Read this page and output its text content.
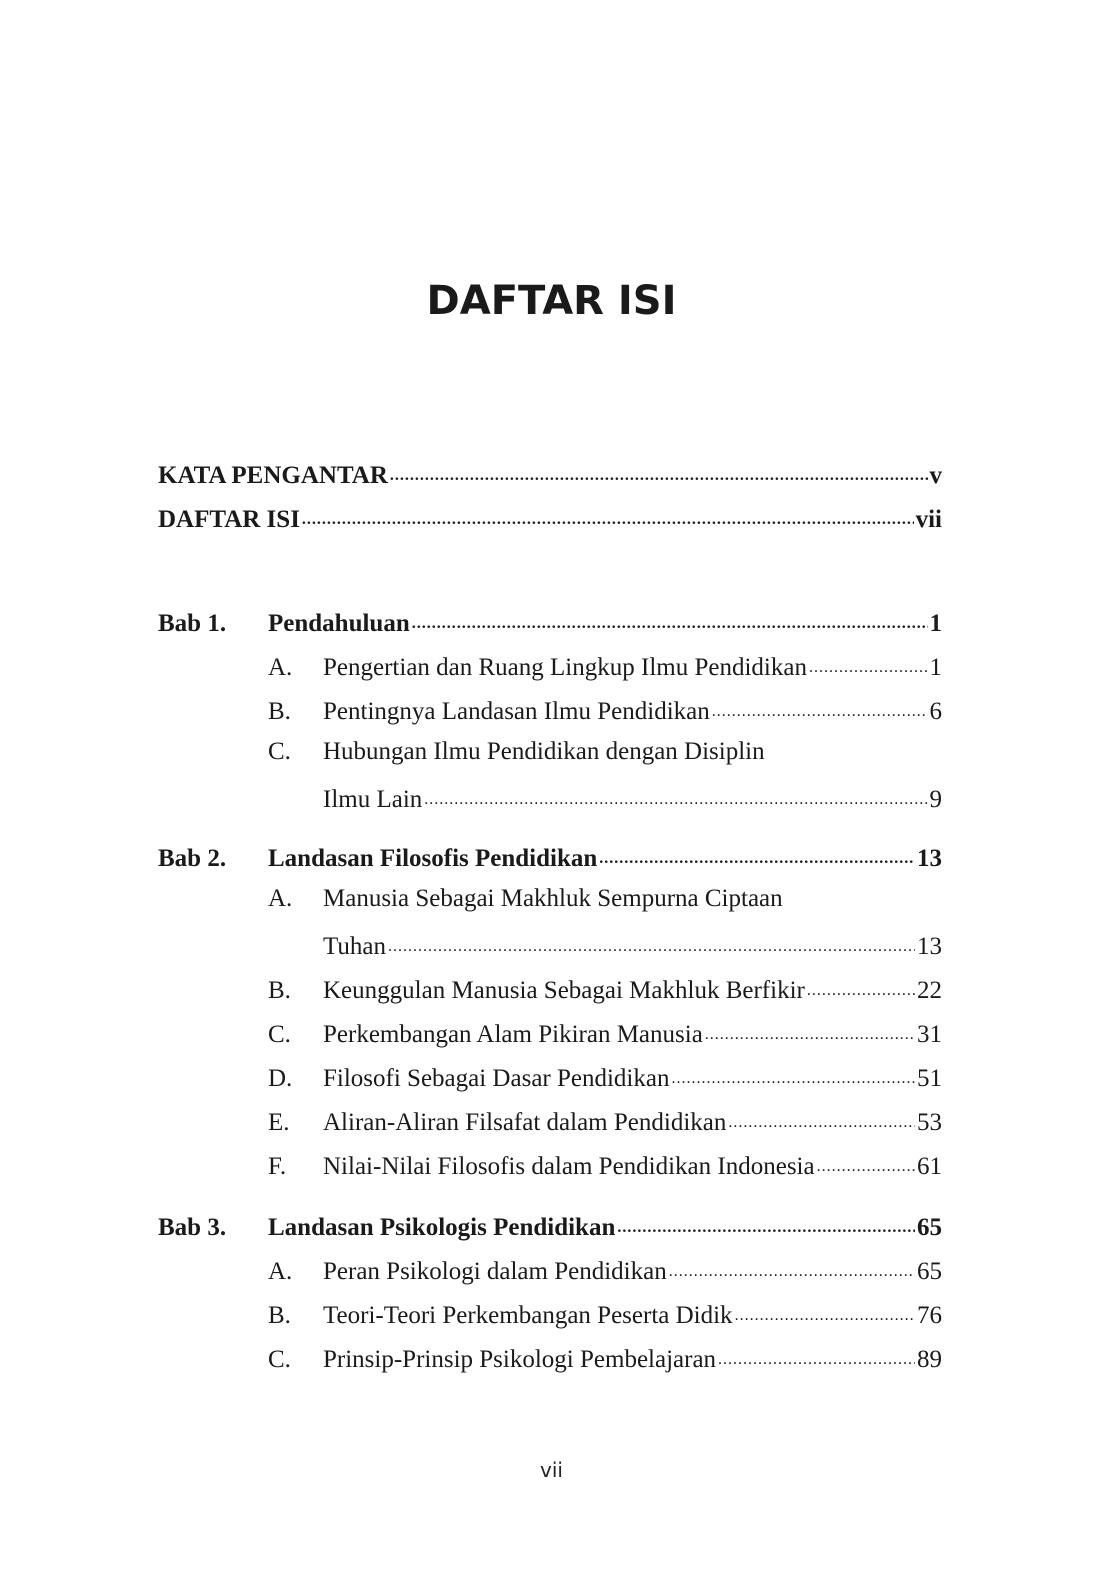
DAFTAR ISI
KATA PENGANTAR .....	v
DAFTAR ISI .....	vii
Bab 1.	Pendahuluan .....	1
A.	Pengertian dan Ruang Lingkup Ilmu Pendidikan .....	1
B.	Pentingnya Landasan Ilmu Pendidikan .....	6
C.	Hubungan Ilmu Pendidikan dengan Disiplin
Ilmu Lain .....	9
Bab 2.	Landasan Filosofis Pendidikan .....	13
A.	Manusia Sebagai Makhluk Sempurna Ciptaan
Tuhan .....	13
B.	Keunggulan Manusia Sebagai Makhluk Berfikir .....	22
C.	Perkembangan Alam Pikiran Manusia .....	31
D.	Filosofi Sebagai Dasar Pendidikan .....	51
E.	Aliran-Aliran Filsafat dalam Pendidikan .....	53
F.	Nilai-Nilai Filosofis dalam Pendidikan Indonesia .....	61
Bab 3.	Landasan Psikologis Pendidikan .....	65
A.	Peran Psikologi dalam Pendidikan .....	65
B.	Teori-Teori Perkembangan Peserta Didik .....	76
C.	Prinsip-Prinsip Psikologi Pembelajaran .....	89
vii
